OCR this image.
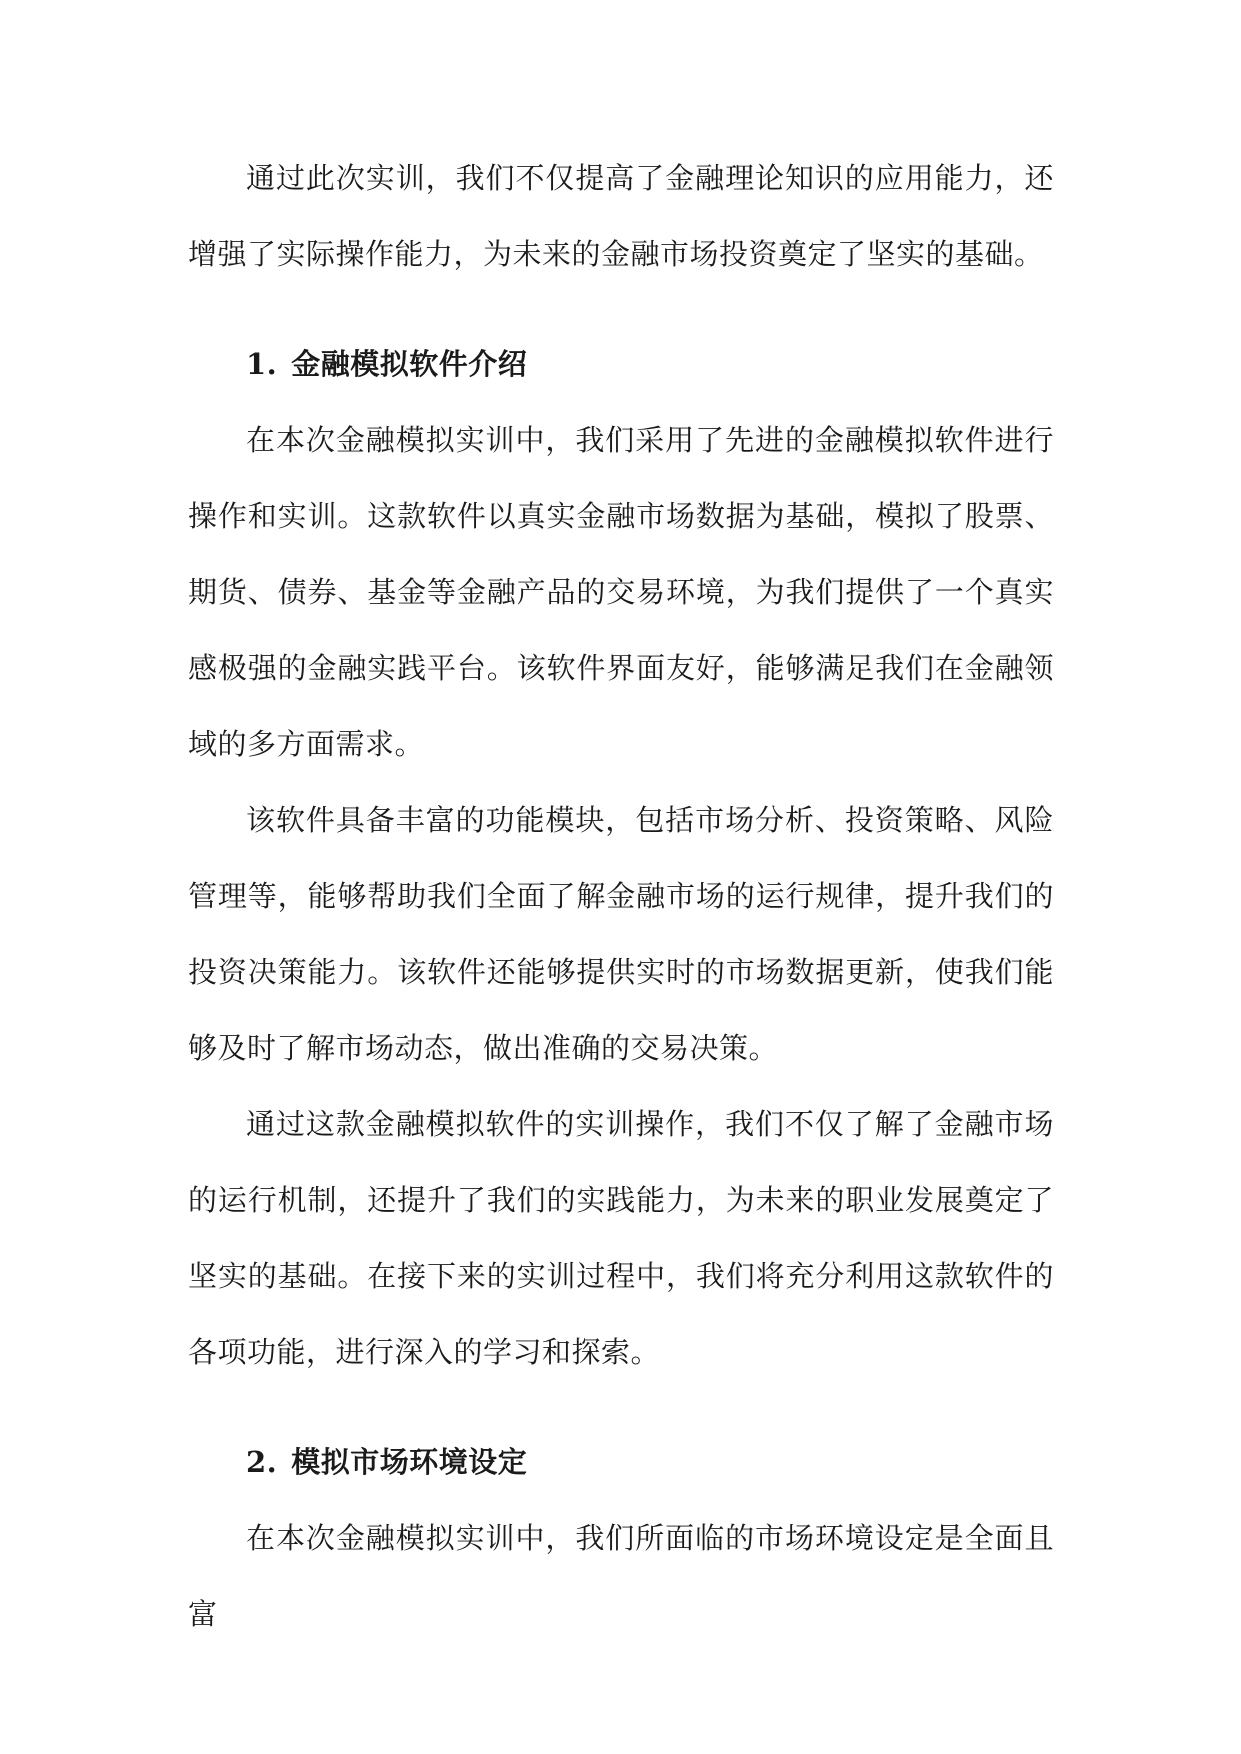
通过此次实训，我们不仅提高了金融理论知识的应用能力，还增强了实际操作能力，为未来的金融市场投资奠定了坚实的基础。

1. 金融模拟软件介绍

在本次金融模拟实训中，我们采用了先进的金融模拟软件进行操作和实训。这款软件以真实金融市场数据为基础，模拟了股票、期货、债券、基金等金融产品的交易环境，为我们提供了一个真实感极强的金融实践平台。该软件界面友好，能够满足我们在金融领域的多方面需求。

该软件具备丰富的功能模块，包括市场分析、投资策略、风险管理等，能够帮助我们全面了解金融市场的运行规律，提升我们的投资决策能力。该软件还能够提供实时的市场数据更新，使我们能够及时了解市场动态，做出准确的交易决策。

通过这款金融模拟软件的实训操作，我们不仅了解了金融市场的运行机制，还提升了我们的实践能力，为未来的职业发展奠定了坚实的基础。在接下来的实训过程中，我们将充分利用这款软件的各项功能，进行深入的学习和探索。

2. 模拟市场环境设定

在本次金融模拟实训中，我们所面临的市场环境设定是全面且富
